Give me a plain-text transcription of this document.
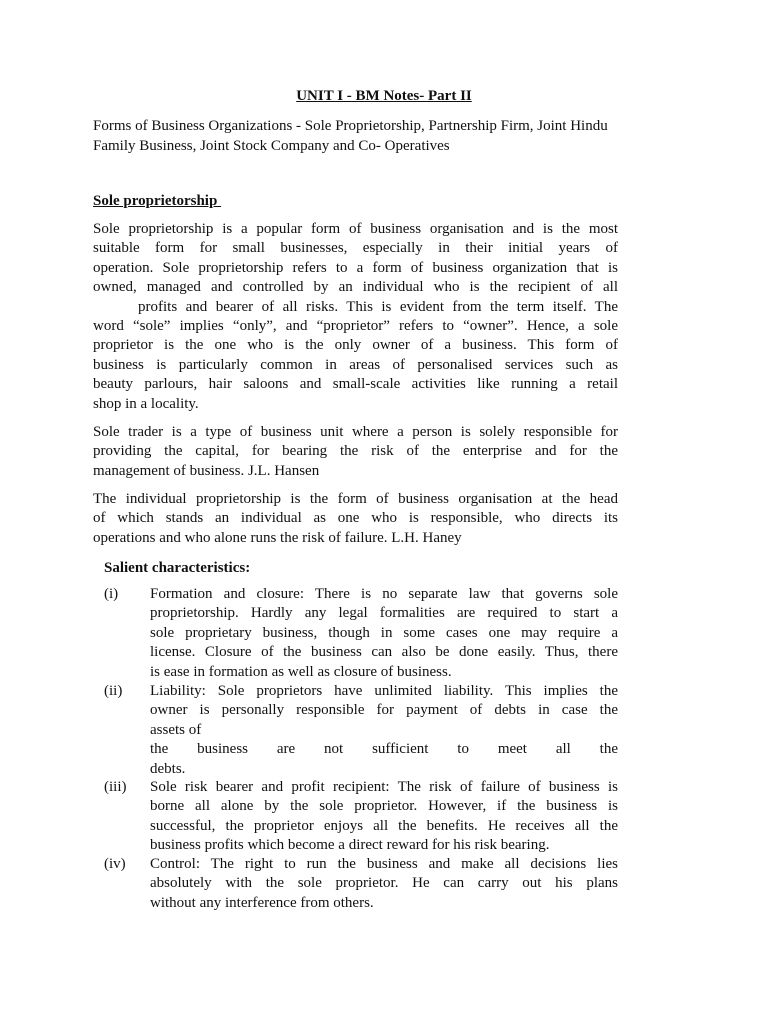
UNIT I - BM Notes- Part II
Forms of Business Organizations - Sole Proprietorship, Partnership Firm, Joint Hindu
Family Business, Joint Stock Company and Co- Operatives
Sole proprietorship
Sole proprietorship is a popular form of business organisation and is the most
suitable form for small businesses, especially in their initial years of
operation. Sole proprietorship refers to a form of business organization that is
owned, managed and controlled by an individual who is the recipient of all
profits and bearer of all risks. This is evident from the term itself. The
word “sole” implies “only”, and “proprietor” refers to “owner”. Hence, a sole
proprietor is the one who is the only owner of a business. This form of
business is particularly common in areas of personalised services such as
beauty parlours, hair saloons and small-scale activities like running a retail
shop in a locality.
Sole trader is a type of business unit where a person is solely responsible for
providing the capital, for bearing the risk of the enterprise and for the
management of business. J.L. Hansen
The individual proprietorship is the form of business organisation at the head
of which stands an individual as one who is responsible, who directs its
operations and who alone runs the risk of failure. L.H. Haney
Salient characteristics:
(i) Formation and closure: There is no separate law that governs sole
proprietorship. Hardly any legal formalities are required to start a
sole proprietary business, though in some cases one may require a
license. Closure of the business can also be done easily. Thus, there
is ease in formation as well as closure of business.
(ii) Liability: Sole proprietors have unlimited liability. This implies the
owner is personally responsible for payment of debts in case the
assets of
the business are not sufficient to meet all the
debts.
(iii) Sole risk bearer and profit recipient: The risk of failure of business is
borne all alone by the sole proprietor. However, if the business is
successful, the proprietor enjoys all the benefits. He receives all the
business profits which become a direct reward for his risk bearing.
(iv) Control: The right to run the business and make all decisions lies
absolutely with the sole proprietor. He can carry out his plans
without any interference from others.
